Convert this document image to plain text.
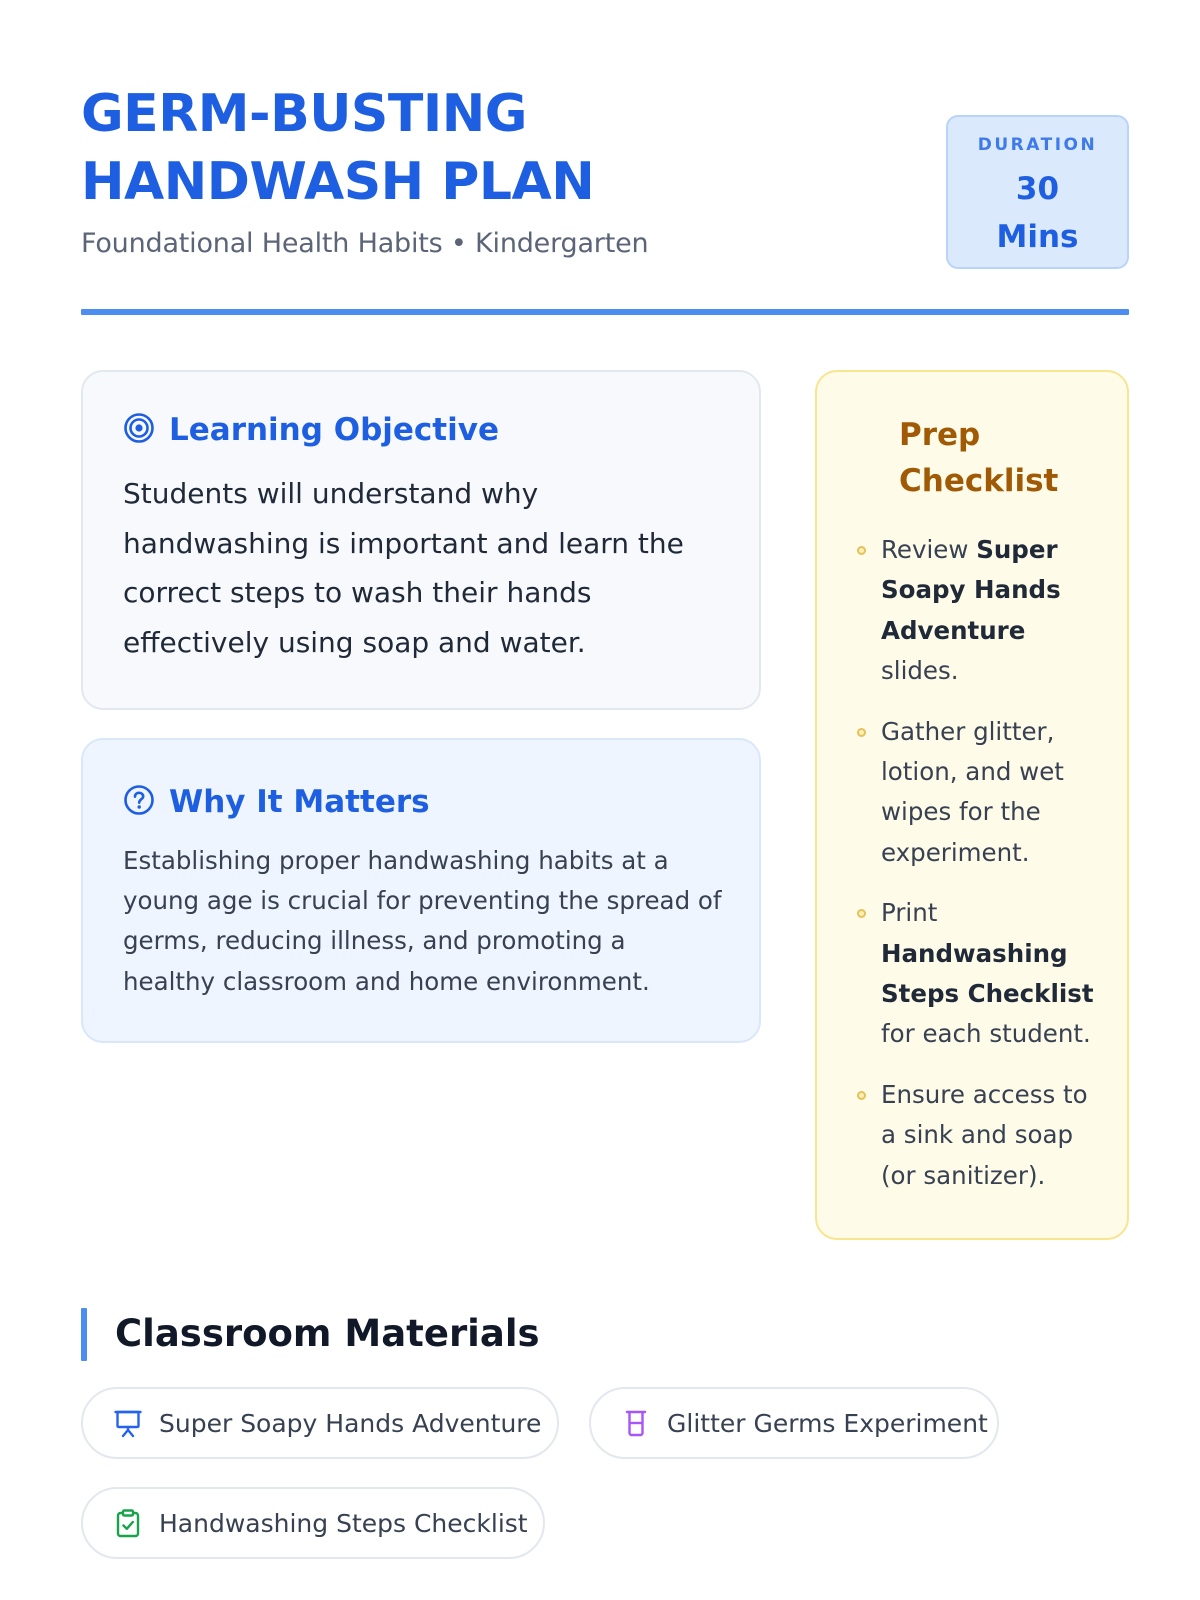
GERM-BUSTING
HANDWASH PLAN
Foundational Health Habits • Kindergarten
DURATION
30
Mins
Learning Objective

Students will understand why handwashing is important and learn the correct steps to wash their hands effectively using soap and water.

Why It Matters

Establishing proper handwashing habits at a young age is crucial for preventing the spread of germs, reducing illness, and promoting a healthy classroom and home environment.

Prep
Checklist
Review Super Soapy Hands Adventure slides.
Gather glitter, lotion, and wet wipes for the experiment.
Print Handwashing Steps Checklist for each student.
Ensure access to a sink and soap (or sanitizer).
Classroom Materials
Super Soapy Hands Adventure	Glitter Germs Experiment
Handwashing Steps Checklist
